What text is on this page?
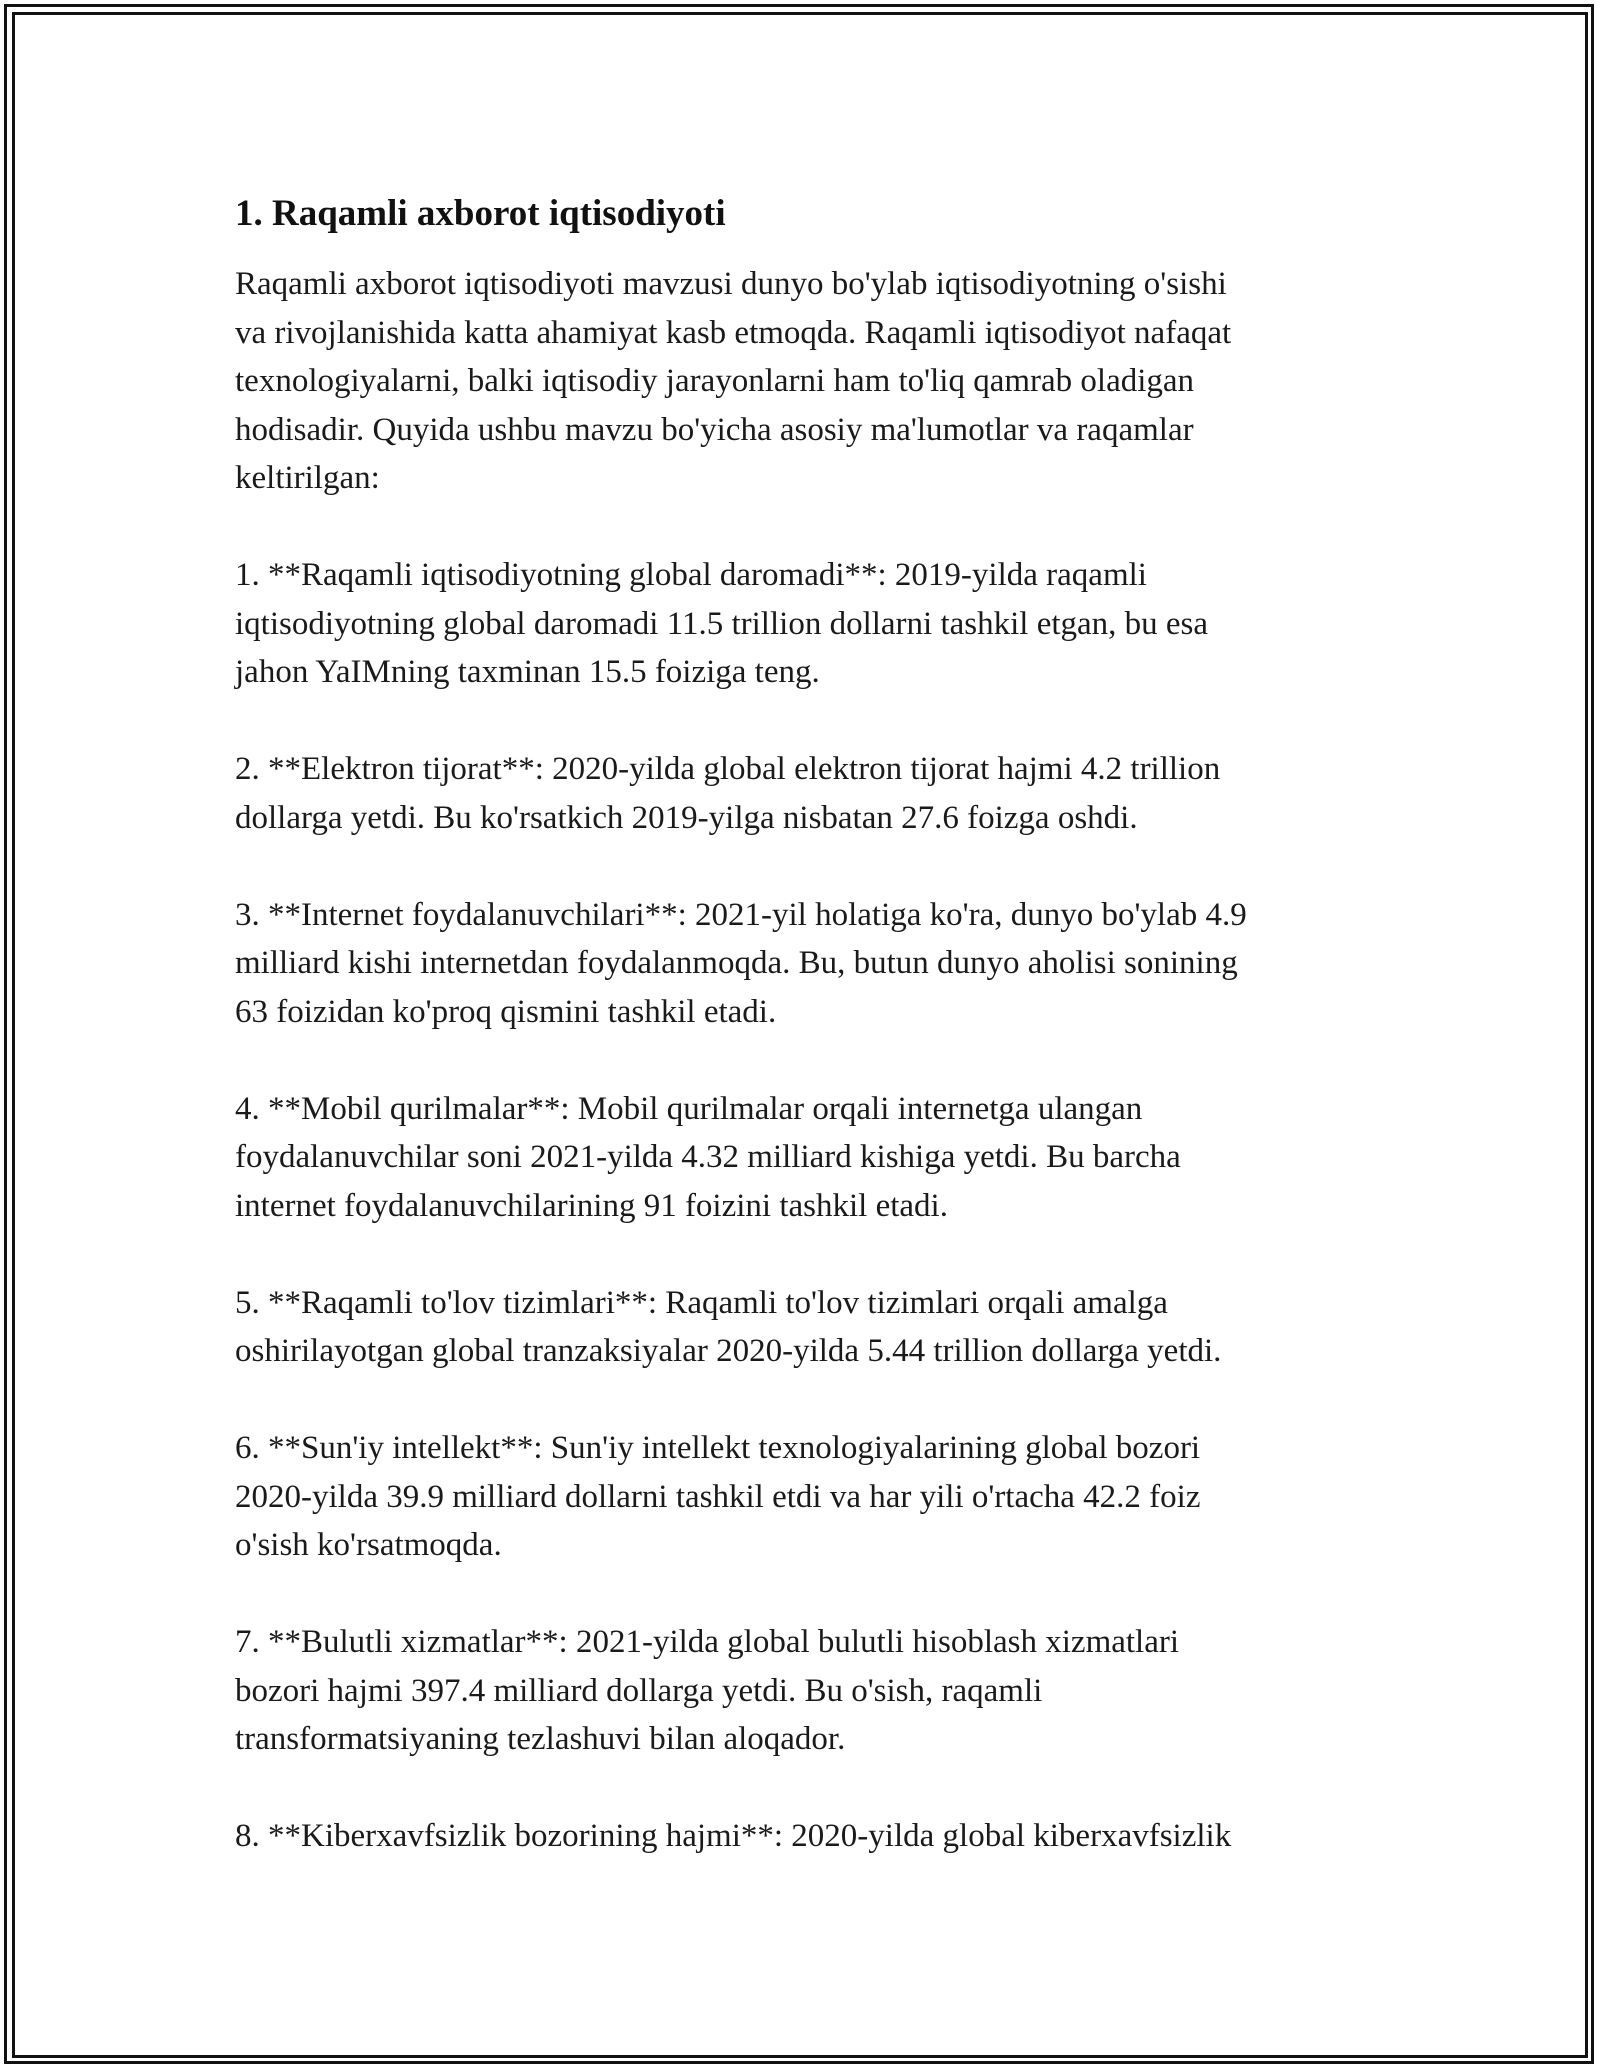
1. Raqamli axborot iqtisodiyoti

Raqamli axborot iqtisodiyoti mavzusi dunyo bo'ylab iqtisodiyotning o'sishi
va rivojlanishida katta ahamiyat kasb etmoqda. Raqamli iqtisodiyot nafaqat
texnologiyalarni, balki iqtisodiy jarayonlarni ham to'liq qamrab oladigan
hodisadir. Quyida ushbu mavzu bo'yicha asosiy ma'lumotlar va raqamlar
keltirilgan:

1. **Raqamli iqtisodiyotning global daromadi**: 2019-yilda raqamli
iqtisodiyotning global daromadi 11.5 trillion dollarni tashkil etgan, bu esa
jahon YaIMning taxminan 15.5 foiziga teng.

2. **Elektron tijorat**: 2020-yilda global elektron tijorat hajmi 4.2 trillion
dollarga yetdi. Bu ko'rsatkich 2019-yilga nisbatan 27.6 foizga oshdi.

3. **Internet foydalanuvchilari**: 2021-yil holatiga ko'ra, dunyo bo'ylab 4.9
milliard kishi internetdan foydalanmoqda. Bu, butun dunyo aholisi sonining
63 foizidan ko'proq qismini tashkil etadi.

4. **Mobil qurilmalar**: Mobil qurilmalar orqali internetga ulangan
foydalanuvchilar soni 2021-yilda 4.32 milliard kishiga yetdi. Bu barcha
internet foydalanuvchilarining 91 foizini tashkil etadi.

5. **Raqamli to'lov tizimlari**: Raqamli to'lov tizimlari orqali amalga
oshirilayotgan global tranzaksiyalar 2020-yilda 5.44 trillion dollarga yetdi.

6. **Sun'iy intellekt**: Sun'iy intellekt texnologiyalarining global bozori
2020-yilda 39.9 milliard dollarni tashkil etdi va har yili o'rtacha 42.2 foiz
o'sish ko'rsatmoqda.

7. **Bulutli xizmatlar**: 2021-yilda global bulutli hisoblash xizmatlari
bozori hajmi 397.4 milliard dollarga yetdi. Bu o'sish, raqamli
transformatsiyaning tezlashuvi bilan aloqador.

8. **Kiberxavfsizlik bozorining hajmi**: 2020-yilda global kiberxavfsizlik
